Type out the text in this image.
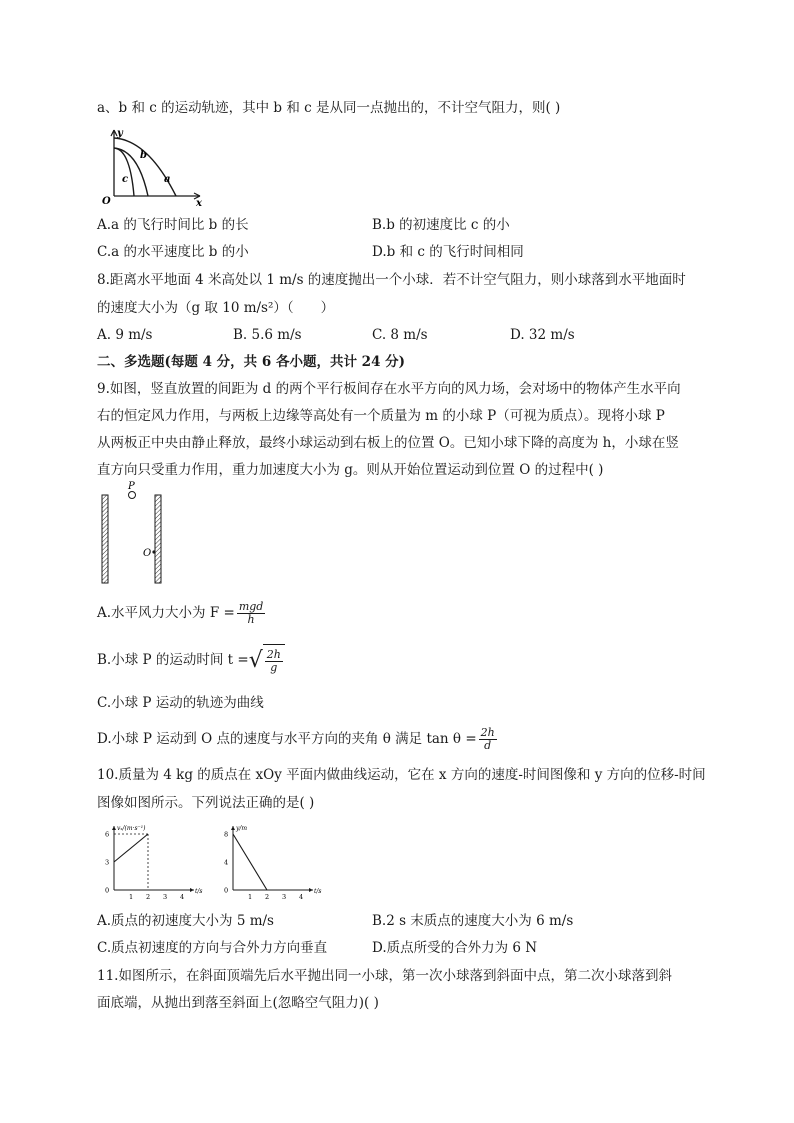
a、b 和 c 的运动轨迹，其中 b 和 c 是从同一点抛出的，不计空气阻力，则( )
y
x
O
b
c	a
A.a 的飞行时间比 b 的长	B.b 的初速度比 c 的小
C.a 的水平速度比 b 的小	D.b 和 c 的飞行时间相同
8.距离水平地面 4 米高处以 1 m/s 的速度抛出一个小球．若不计空气阻力，则小球落到水平地面时
的速度大小为（g 取 10 m/s²）（　　）
A. 9 m/s	B. 5.6 m/s	C. 8 m/s	D. 32 m/s
二、多选题(每题 4 分，共 6 各小题，共计 24 分)
9.如图，竖直放置的间距为 d 的两个平行板间存在水平方向的风力场，会对场中的物体产生水平向
右的恒定风力作用，与两板上边缘等高处有一个质量为 m 的小球 P（可视为质点）。现将小球 P
从两板正中央由静止释放，最终小球运动到右板上的位置 O。已知小球下降的高度为 h，小球在竖
直方向只受重力作用，重力加速度大小为 g。则从开始位置运动到位置 O 的过程中( )
P
O
A.水平风力大小为 $F = \frac{\text{mgd}}{h}$
B.小球 P 的运动时间 t = √ $\frac{2h}{g}$
C.小球 P 运动的轨迹为曲线
D.小球 P 运动到 O 点的速度与水平方向的夹角 θ 满足 $\tan \theta = \frac{2h}{d}$
10.质量为 4 kg 的质点在 xOy 平面内做曲线运动，它在 x 方向的速度-时间图像和 y 方向的位移-时间
图像如图所示。下列说法正确的是( )
vₓ/(m·s⁻¹)
t/s
1 2 3 4
0
3
6
y/m
t/s
1 2 3 4
0
4
8
A.质点的初速度大小为 5 m/s	B.2 s 末质点的速度大小为 6 m/s
C.质点初速度的方向与合外力方向垂直	D.质点所受的合外力为 6 N
11.如图所示，在斜面顶端先后水平抛出同一小球，第一次小球落到斜面中点，第二次小球落到斜
面底端，从抛出到落至斜面上(忽略空气阻力)( )
